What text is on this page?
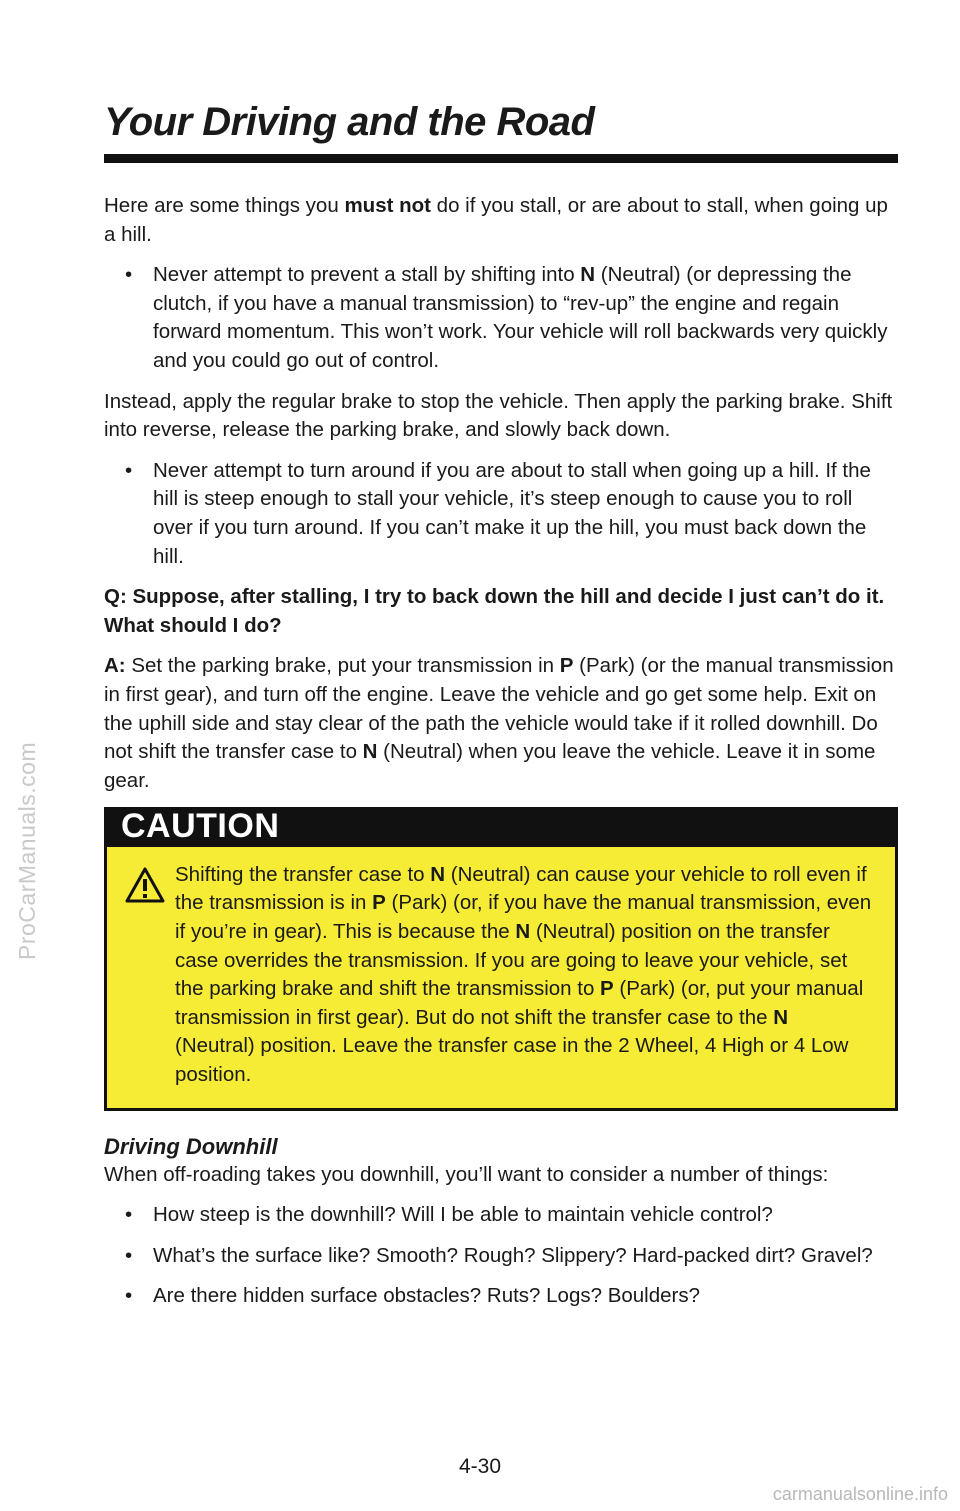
ProCarManuals.com
Your Driving and the Road

Here are some things you must not do if you stall, or are about to stall, when going up a hill.

• Never attempt to prevent a stall by shifting into N (Neutral) (or depressing the clutch, if you have a manual transmission) to “rev-up” the engine and regain forward momentum. This won’t work. Your vehicle will roll backwards very quickly and you could go out of control.

Instead, apply the regular brake to stop the vehicle. Then apply the parking brake. Shift into reverse, release the parking brake, and slowly back down.

• Never attempt to turn around if you are about to stall when going up a hill. If the hill is steep enough to stall your vehicle, it’s steep enough to cause you to roll over if you turn around. If you can’t make it up the hill, you must back down the hill.

Q: Suppose, after stalling, I try to back down the hill and decide I just can’t do it. What should I do?

A: Set the parking brake, put your transmission in P (Park) (or the manual transmission in first gear), and turn off the engine. Leave the vehicle and go get some help. Exit on the uphill side and stay clear of the path the vehicle would take if it rolled downhill. Do not shift the transfer case to N (Neutral) when you leave the vehicle. Leave it in some gear.

CAUTION
Shifting the transfer case to N (Neutral) can cause your vehicle to roll even if the transmission is in P (Park) (or, if you have the manual transmission, even if you’re in gear). This is because the N (Neutral) position on the transfer case overrides the transmission. If you are going to leave your vehicle, set the parking brake and shift the transmission to P (Park) (or, put your manual transmission in first gear). But do not shift the transfer case to the N (Neutral) position. Leave the transfer case in the 2 Wheel, 4 High or 4 Low position.
Driving Downhill

When off-roading takes you downhill, you’ll want to consider a number of things:

• How steep is the downhill? Will I be able to maintain vehicle control?
• What’s the surface like? Smooth? Rough? Slippery? Hard-packed dirt? Gravel?
• Are there hidden surface obstacles? Ruts? Logs? Boulders?
4-30
carmanualsonline.info
